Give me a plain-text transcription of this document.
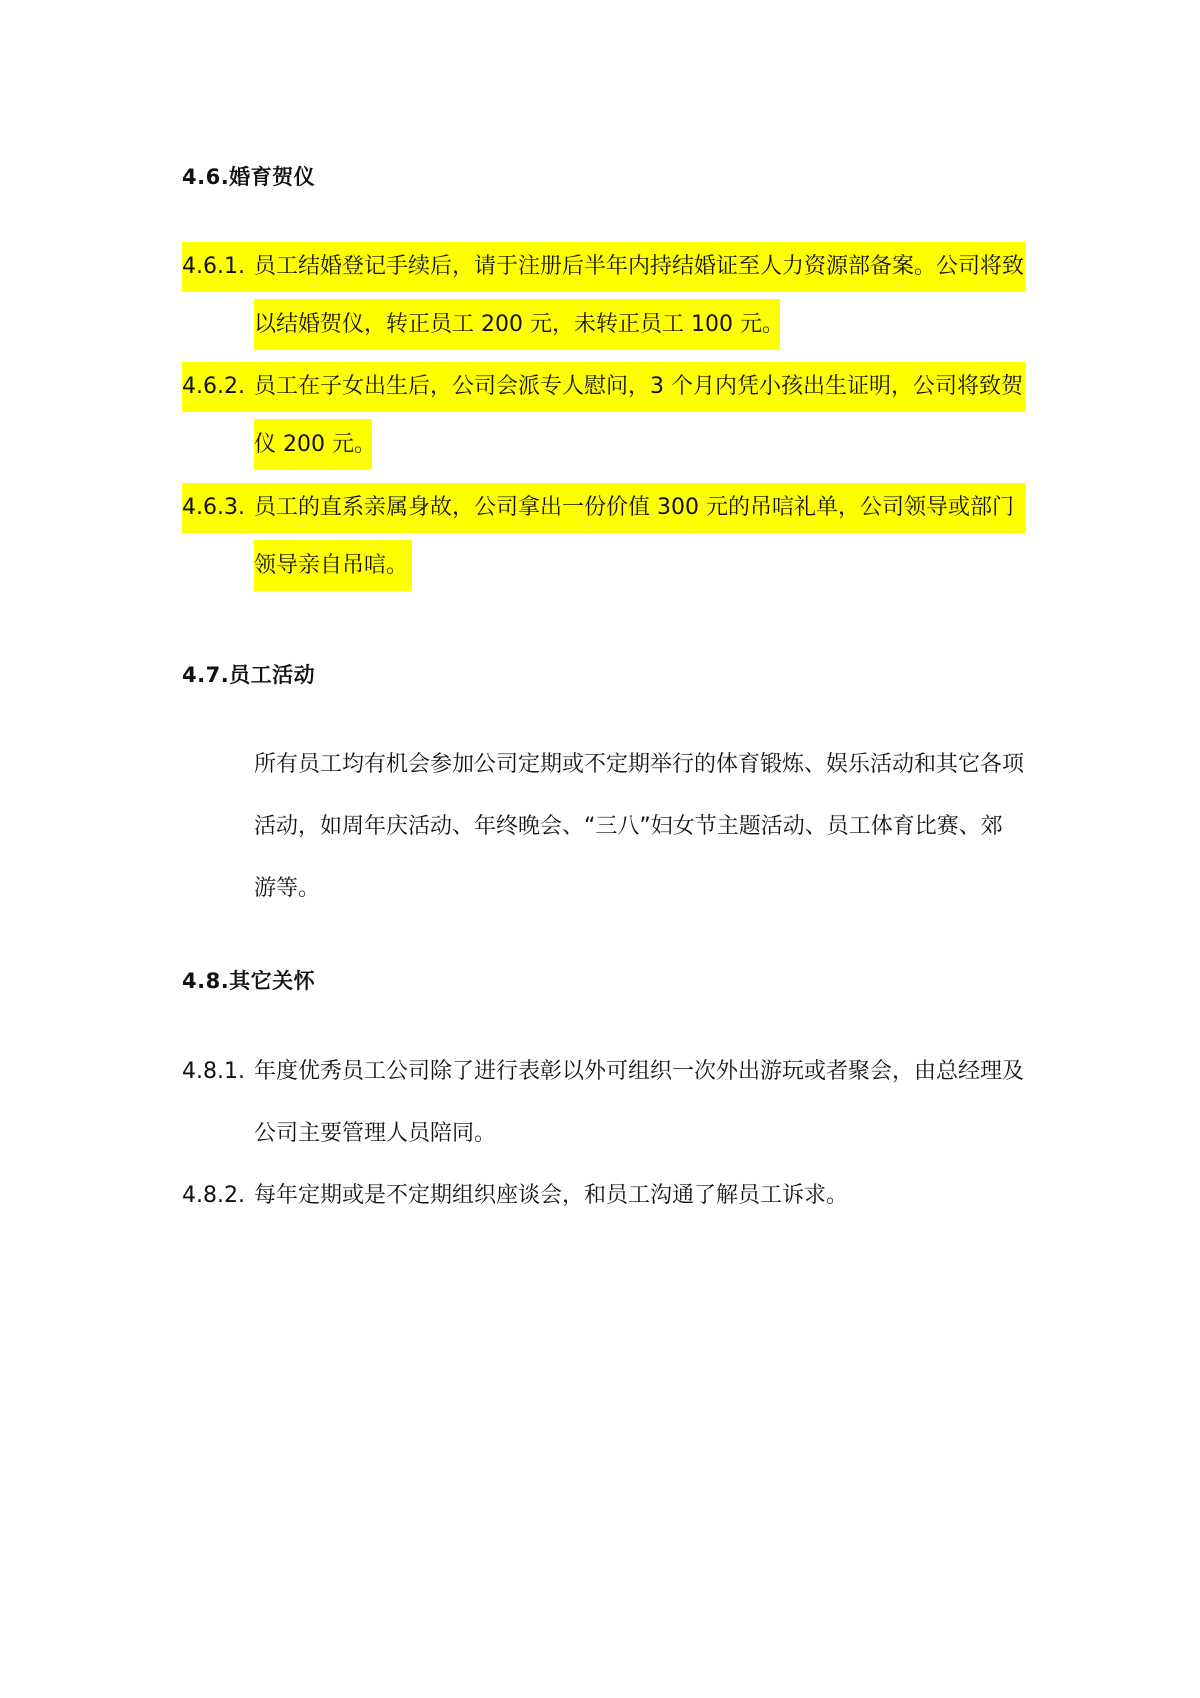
4.6.婚育贺仪
4.6.1. 员工结婚登记手续后，请于注册后半年内持结婚证至人力资源部备案。公司将致
以结婚贺仪，转正员工 200 元，未转正员工 100 元。
4.6.2. 员工在子女出生后，公司会派专人慰问，3 个月内凭小孩出生证明，公司将致贺
仪 200 元。
4.6.3. 员工的直系亲属身故，公司拿出一份价值 300 元的吊唁礼单，公司领导或部门
领导亲自吊唁。
4.7.员工活动
所有员工均有机会参加公司定期或不定期举行的体育锻炼、娱乐活动和其它各项
活动，如周年庆活动、年终晚会、“三八”妇女节主题活动、员工体育比赛、郊
游等。
4.8.其它关怀
4.8.1. 年度优秀员工公司除了进行表彰以外可组织一次外出游玩或者聚会，由总经理及
公司主要管理人员陪同。
4.8.2. 每年定期或是不定期组织座谈会，和员工沟通了解员工诉求。
